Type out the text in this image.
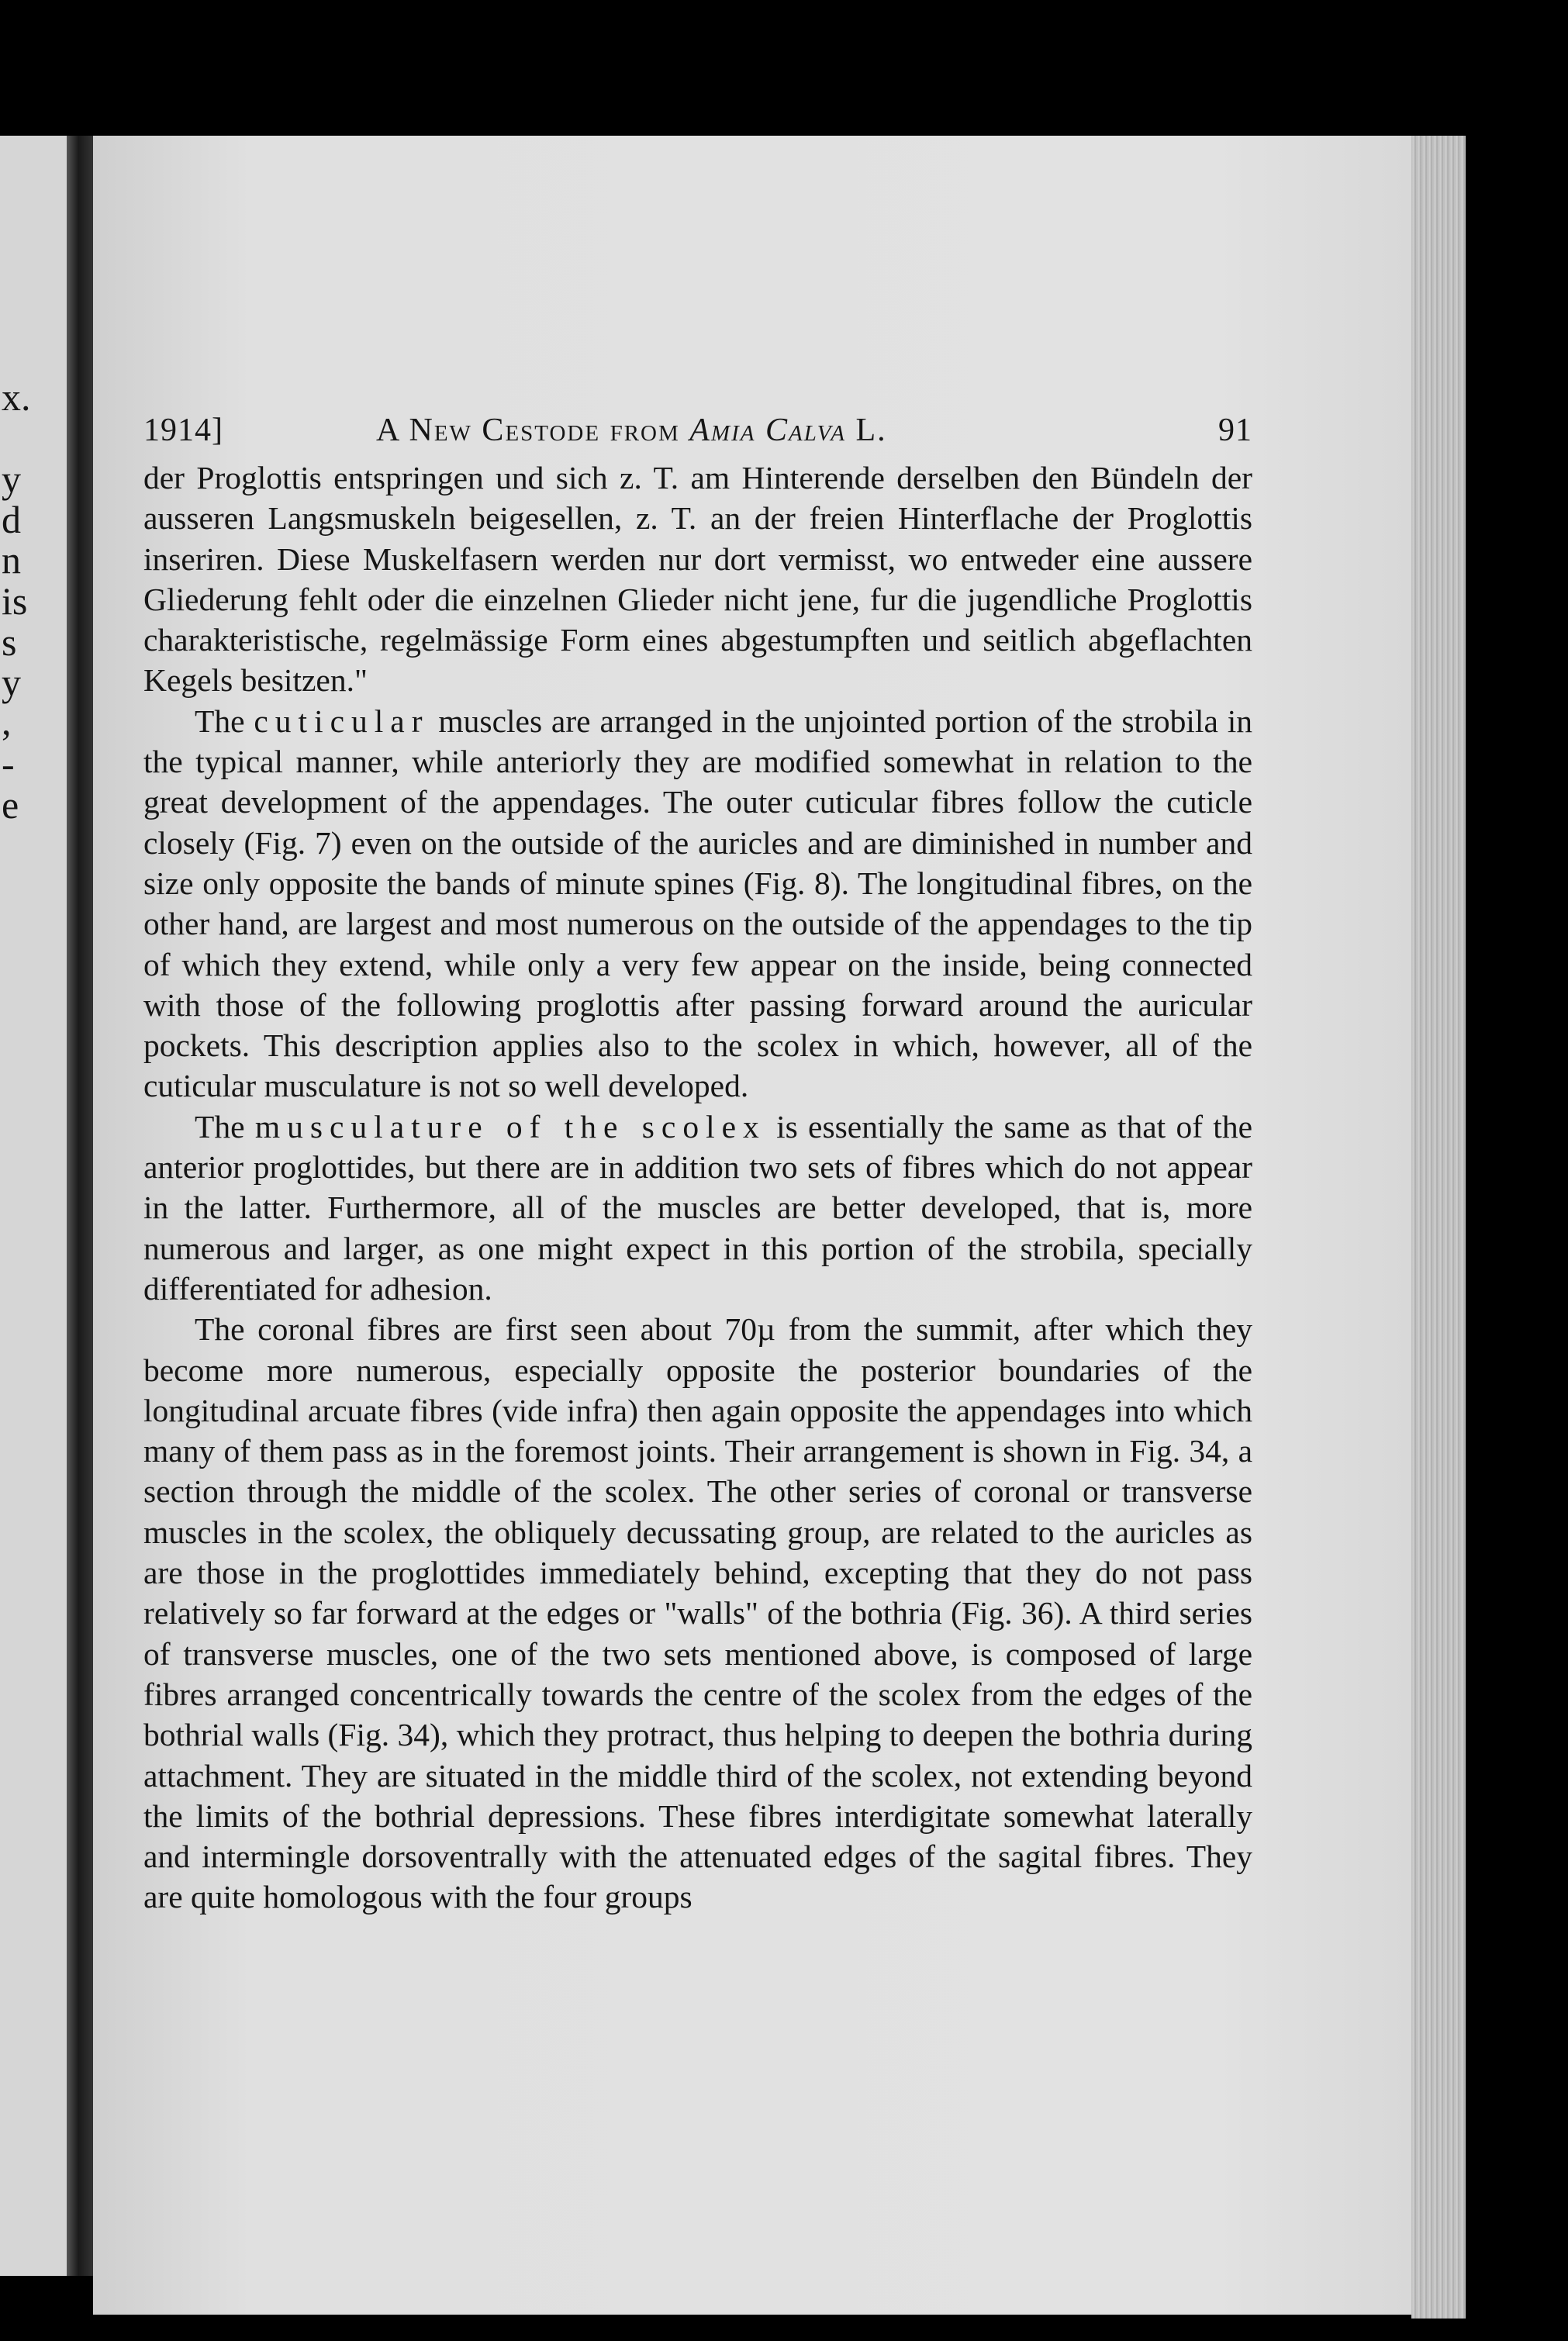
x.
y
d
n
is
s
y
,
-
e
1914]	A New Cestode from Amia Calva L.	91

der Proglottis entspringen und sich z. T. am Hinterende derselben den Bündeln der ausseren Langsmuskeln beigesellen, z. T. an der freien Hinterflache der Proglottis inseriren. Diese Muskelfasern werden nur dort vermisst, wo entweder eine aussere Gliederung fehlt oder die einzelnen Glieder nicht jene, fur die jugendliche Proglottis charakteristische, regelmässige Form eines abgestumpften und seitlich abgeflachten Kegels besitzen."

The cuticular muscles are arranged in the unjointed portion of the strobila in the typical manner, while anteriorly they are modified somewhat in relation to the great development of the appendages. The outer cuticular fibres follow the cuticle closely (Fig. 7) even on the outside of the auricles and are diminished in number and size only opposite the bands of minute spines (Fig. 8). The longitudinal fibres, on the other hand, are largest and most numerous on the outside of the appendages to the tip of which they extend, while only a very few appear on the inside, being connected with those of the following proglottis after passing forward around the auricular pockets. This description applies also to the scolex in which, however, all of the cuticular musculature is not so well developed.

The musculature of the scolex is essentially the same as that of the anterior proglottides, but there are in addition two sets of fibres which do not appear in the latter. Furthermore, all of the muscles are better developed, that is, more numerous and larger, as one might expect in this portion of the strobila, specially differentiated for adhesion.

The coronal fibres are first seen about 70µ from the summit, after which they become more numerous, especially opposite the posterior boundaries of the longitudinal arcuate fibres (vide infra) then again opposite the appendages into which many of them pass as in the foremost joints. Their arrangement is shown in Fig. 34, a section through the middle of the scolex. The other series of coronal or transverse muscles in the scolex, the obliquely decussating group, are related to the auricles as are those in the proglottides immediately behind, excepting that they do not pass relatively so far forward at the edges or "walls" of the bothria (Fig. 36). A third series of transverse muscles, one of the two sets mentioned above, is composed of large fibres arranged concentrically towards the centre of the scolex from the edges of the bothrial walls (Fig. 34), which they protract, thus helping to deepen the bothria during attachment. They are situated in the middle third of the scolex, not extending beyond the limits of the bothrial depressions. These fibres interdigitate somewhat laterally and intermingle dorsoventrally with the attenuated edges of the sagital fibres. They are quite homologous with the four groups
